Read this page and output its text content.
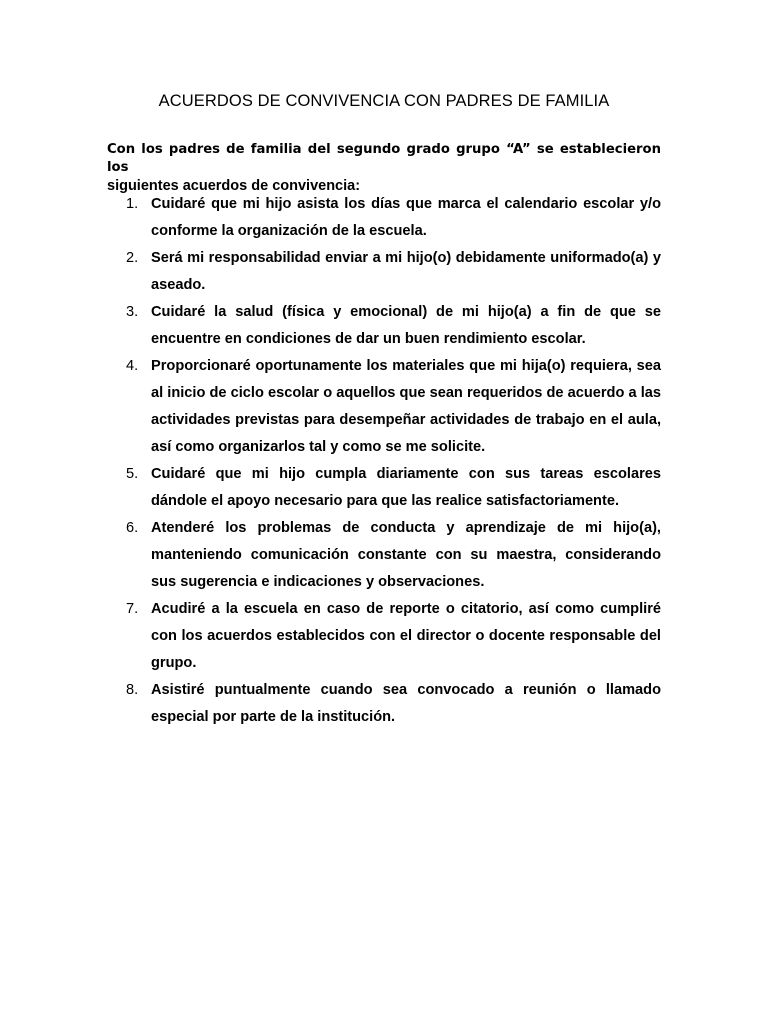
ACUERDOS DE CONVIVENCIA CON PADRES DE FAMILIA

Con los padres de familia del segundo grado grupo “A” se establecieron los
siguientes acuerdos de convivencia:

1. Cuidaré que mi hijo asista los días que marca el calendario escolar y/o conforme la organización de la escuela.
2. Será mi responsabilidad enviar a mi hijo(o) debidamente uniformado(a) y aseado.
3. Cuidaré la salud (física y emocional) de mi hijo(a) a fin de que se encuentre en condiciones de dar un buen rendimiento escolar.
4. Proporcionaré oportunamente los materiales que mi hija(o) requiera, sea al inicio de ciclo escolar o aquellos que sean requeridos de acuerdo a las actividades previstas para desempeñar actividades de trabajo en el aula, así como organizarlos tal y como se me solicite.
5. Cuidaré que mi hijo cumpla diariamente con sus tareas escolares dándole el apoyo necesario para que las realice satisfactoriamente.
6. Atenderé los problemas de conducta y aprendizaje de mi hijo(a), manteniendo comunicación constante con su maestra, considerando sus sugerencia e indicaciones y observaciones.
7. Acudiré a la escuela en caso de reporte o citatorio, así como cumpliré con los acuerdos establecidos con el director o docente responsable del grupo.
8. Asistiré puntualmente cuando sea convocado a reunión o llamado especial por parte de la institución.
